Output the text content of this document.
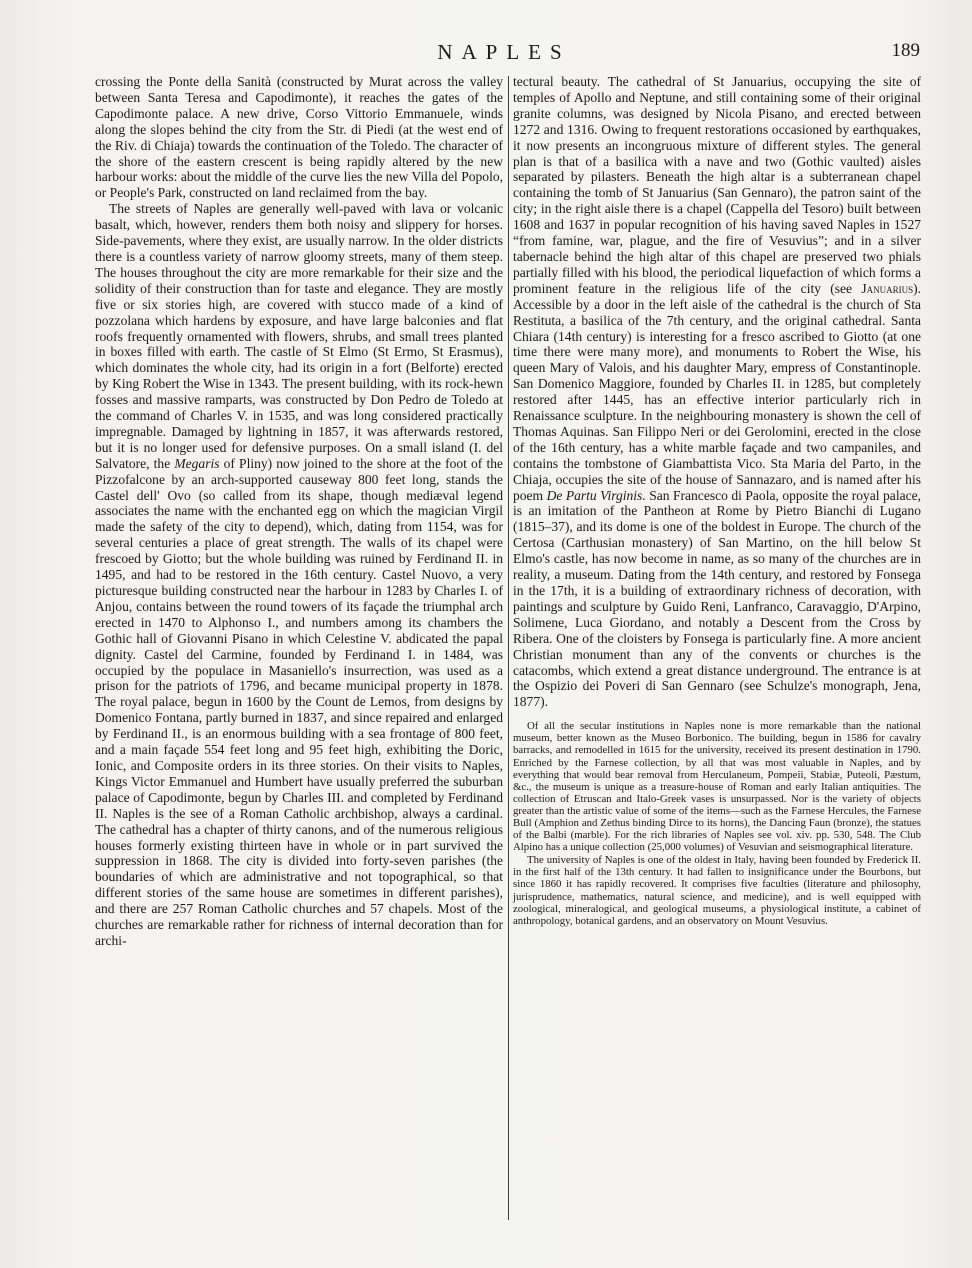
NAPLES	189

crossing the Ponte della Sanità (constructed by Murat across the valley between Santa Teresa and Capodimonte), it reaches the gates of the Capodimonte palace. A new drive, Corso Vittorio Emmanuele, winds along the slopes behind the city from the Str. di Piedi (at the west end of the Riv. di Chiaja) towards the continuation of the Toledo. The character of the shore of the eastern crescent is being rapidly altered by the new harbour works: about the middle of the curve lies the new Villa del Popolo, or People's Park, constructed on land reclaimed from the bay.

The streets of Naples are generally well-paved with lava or volcanic basalt, which, however, renders them both noisy and slippery for horses. Side-pavements, where they exist, are usually narrow. In the older districts there is a countless variety of narrow gloomy streets, many of them steep. The houses throughout the city are more remarkable for their size and the solidity of their construction than for taste and elegance. They are mostly five or six stories high, are covered with stucco made of a kind of pozzolana which hardens by exposure, and have large balconies and flat roofs frequently ornamented with flowers, shrubs, and small trees planted in boxes filled with earth. The castle of St Elmo (St Ermo, St Erasmus), which dominates the whole city, had its origin in a fort (Belforte) erected by King Robert the Wise in 1343. The present building, with its rock-hewn fosses and massive ramparts, was constructed by Don Pedro de Toledo at the command of Charles V. in 1535, and was long considered practically impregnable. Damaged by lightning in 1857, it was afterwards restored, but it is no longer used for defensive purposes. On a small island (I. del Salvatore, the Megaris of Pliny) now joined to the shore at the foot of the Pizzofalcone by an arch-supported causeway 800 feet long, stands the Castel dell' Ovo (so called from its shape, though mediæval legend associates the name with the enchanted egg on which the magician Virgil made the safety of the city to depend), which, dating from 1154, was for several centuries a place of great strength. The walls of its chapel were frescoed by Giotto; but the whole building was ruined by Ferdinand II. in 1495, and had to be restored in the 16th century. Castel Nuovo, a very picturesque building constructed near the harbour in 1283 by Charles I. of Anjou, contains between the round towers of its façade the triumphal arch erected in 1470 to Alphonso I., and numbers among its chambers the Gothic hall of Giovanni Pisano in which Celestine V. abdicated the papal dignity. Castel del Carmine, founded by Ferdinand I. in 1484, was occupied by the populace in Masaniello's insurrection, was used as a prison for the patriots of 1796, and became municipal property in 1878. The royal palace, begun in 1600 by the Count de Lemos, from designs by Domenico Fontana, partly burned in 1837, and since repaired and enlarged by Ferdinand II., is an enormous building with a sea frontage of 800 feet, and a main façade 554 feet long and 95 feet high, exhibiting the Doric, Ionic, and Composite orders in its three stories. On their visits to Naples, Kings Victor Emmanuel and Humbert have usually preferred the suburban palace of Capodimonte, begun by Charles III. and completed by Ferdinand II. Naples is the see of a Roman Catholic archbishop, always a cardinal. The cathedral has a chapter of thirty canons, and of the numerous religious houses formerly existing thirteen have in whole or in part survived the suppression in 1868. The city is divided into forty-seven parishes (the boundaries of which are administrative and not topographical, so that different stories of the same house are sometimes in different parishes), and there are 257 Roman Catholic churches and 57 chapels. Most of the churches are remarkable rather for richness of internal decoration than for archi-

tectural beauty. The cathedral of St Januarius, occupying the site of temples of Apollo and Neptune, and still containing some of their original granite columns, was designed by Nicola Pisano, and erected between 1272 and 1316. Owing to frequent restorations occasioned by earthquakes, it now presents an incongruous mixture of different styles. The general plan is that of a basilica with a nave and two (Gothic vaulted) aisles separated by pilasters. Beneath the high altar is a subterranean chapel containing the tomb of St Januarius (San Gennaro), the patron saint of the city; in the right aisle there is a chapel (Cappella del Tesoro) built between 1608 and 1637 in popular recognition of his having saved Naples in 1527 “from famine, war, plague, and the fire of Vesuvius”; and in a silver tabernacle behind the high altar of this chapel are preserved two phials partially filled with his blood, the periodical liquefaction of which forms a prominent feature in the religious life of the city (see Januarius). Accessible by a door in the left aisle of the cathedral is the church of Sta Restituta, a basilica of the 7th century, and the original cathedral. Santa Chiara (14th century) is interesting for a fresco ascribed to Giotto (at one time there were many more), and monuments to Robert the Wise, his queen Mary of Valois, and his daughter Mary, empress of Constantinople. San Domenico Maggiore, founded by Charles II. in 1285, but completely restored after 1445, has an effective interior particularly rich in Renaissance sculpture. In the neighbouring monastery is shown the cell of Thomas Aquinas. San Filippo Neri or dei Gerolomini, erected in the close of the 16th century, has a white marble façade and two campaniles, and contains the tombstone of Giambattista Vico. Sta Maria del Parto, in the Chiaja, occupies the site of the house of Sannazaro, and is named after his poem De Partu Virginis. San Francesco di Paola, opposite the royal palace, is an imitation of the Pantheon at Rome by Pietro Bianchi di Lugano (1815–37), and its dome is one of the boldest in Europe. The church of the Certosa (Carthusian monastery) of San Martino, on the hill below St Elmo's castle, has now become in name, as so many of the churches are in reality, a museum. Dating from the 14th century, and restored by Fonsega in the 17th, it is a building of extraordinary richness of decoration, with paintings and sculpture by Guido Reni, Lanfranco, Caravaggio, D'Arpino, Solimene, Luca Giordano, and notably a Descent from the Cross by Ribera. One of the cloisters by Fonsega is particularly fine. A more ancient Christian monument than any of the convents or churches is the catacombs, which extend a great distance underground. The entrance is at the Ospizio dei Poveri di San Gennaro (see Schulze's monograph, Jena, 1877).

Of all the secular institutions in Naples none is more remarkable than the national museum, better known as the Museo Borbonico. The building, begun in 1586 for cavalry barracks, and remodelled in 1615 for the university, received its present destination in 1790. Enriched by the Farnese collection, by all that was most valuable in Naples, and by everything that would bear removal from Herculaneum, Pompeii, Stabiæ, Puteoli, Pæstum, &c., the museum is unique as a treasure-house of Roman and early Italian antiquities. The collection of Etruscan and Italo-Greek vases is unsurpassed. Nor is the variety of objects greater than the artistic value of some of the items—such as the Farnese Hercules, the Farnese Bull (Amphion and Zethus binding Dirce to its horns), the Dancing Faun (bronze), the statues of the Balbi (marble). For the rich libraries of Naples see vol. xiv. pp. 530, 548. The Club Alpino has a unique collection (25,000 volumes) of Vesuvian and seismographical literature.

The university of Naples is one of the oldest in Italy, having been founded by Frederick II. in the first half of the 13th century. It had fallen to insignificance under the Bourbons, but since 1860 it has rapidly recovered. It comprises five faculties (literature and philosophy, jurisprudence, mathematics, natural science, and medicine), and is well equipped with zoological, mineralogical, and geological museums, a physiological institute, a cabinet of anthropology, botanical gardens, and an observatory on Mount Vesuvius.
